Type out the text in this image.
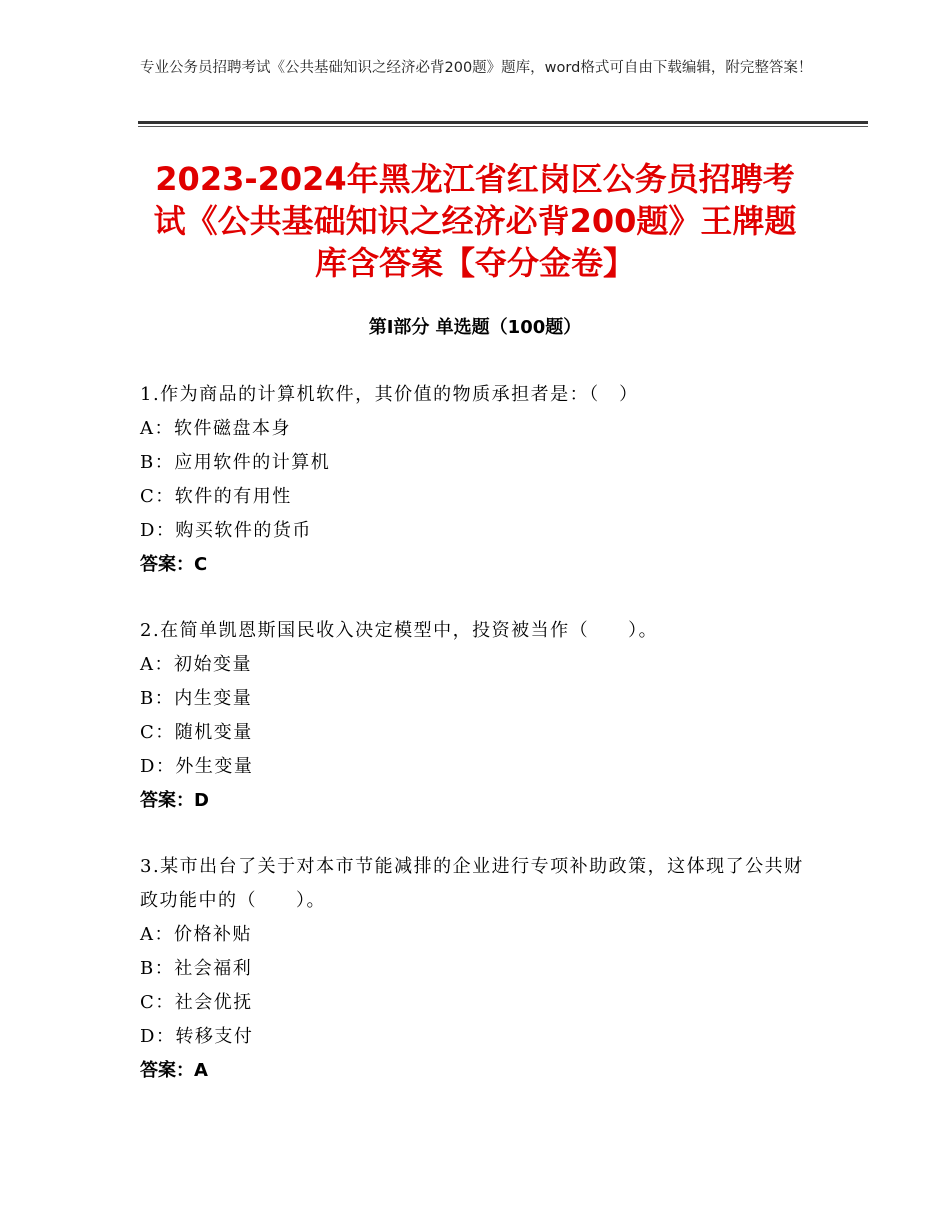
专业公务员招聘考试《公共基础知识之经济必背200题》题库，word格式可自由下载编辑，附完整答案！
2023-2024年黑龙江省红岗区公务员招聘考试《公共基础知识之经济必背200题》王牌题库含答案【夺分金卷】
第Ⅰ部分 单选题（100题）
1.作为商品的计算机软件，其价值的物质承担者是：（　）
A：软件磁盘本身
B：应用软件的计算机
C：软件的有用性
D：购买软件的货币
答案：C
2.在简单凯恩斯国民收入决定模型中，投资被当作（　　）。
A：初始变量
B：内生变量
C：随机变量
D：外生变量
答案：D
3.某市出台了关于对本市节能减排的企业进行专项补助政策，这体现了公共财政功能中的（　　）。
A：价格补贴
B：社会福利
C：社会优抚
D：转移支付
答案：A
